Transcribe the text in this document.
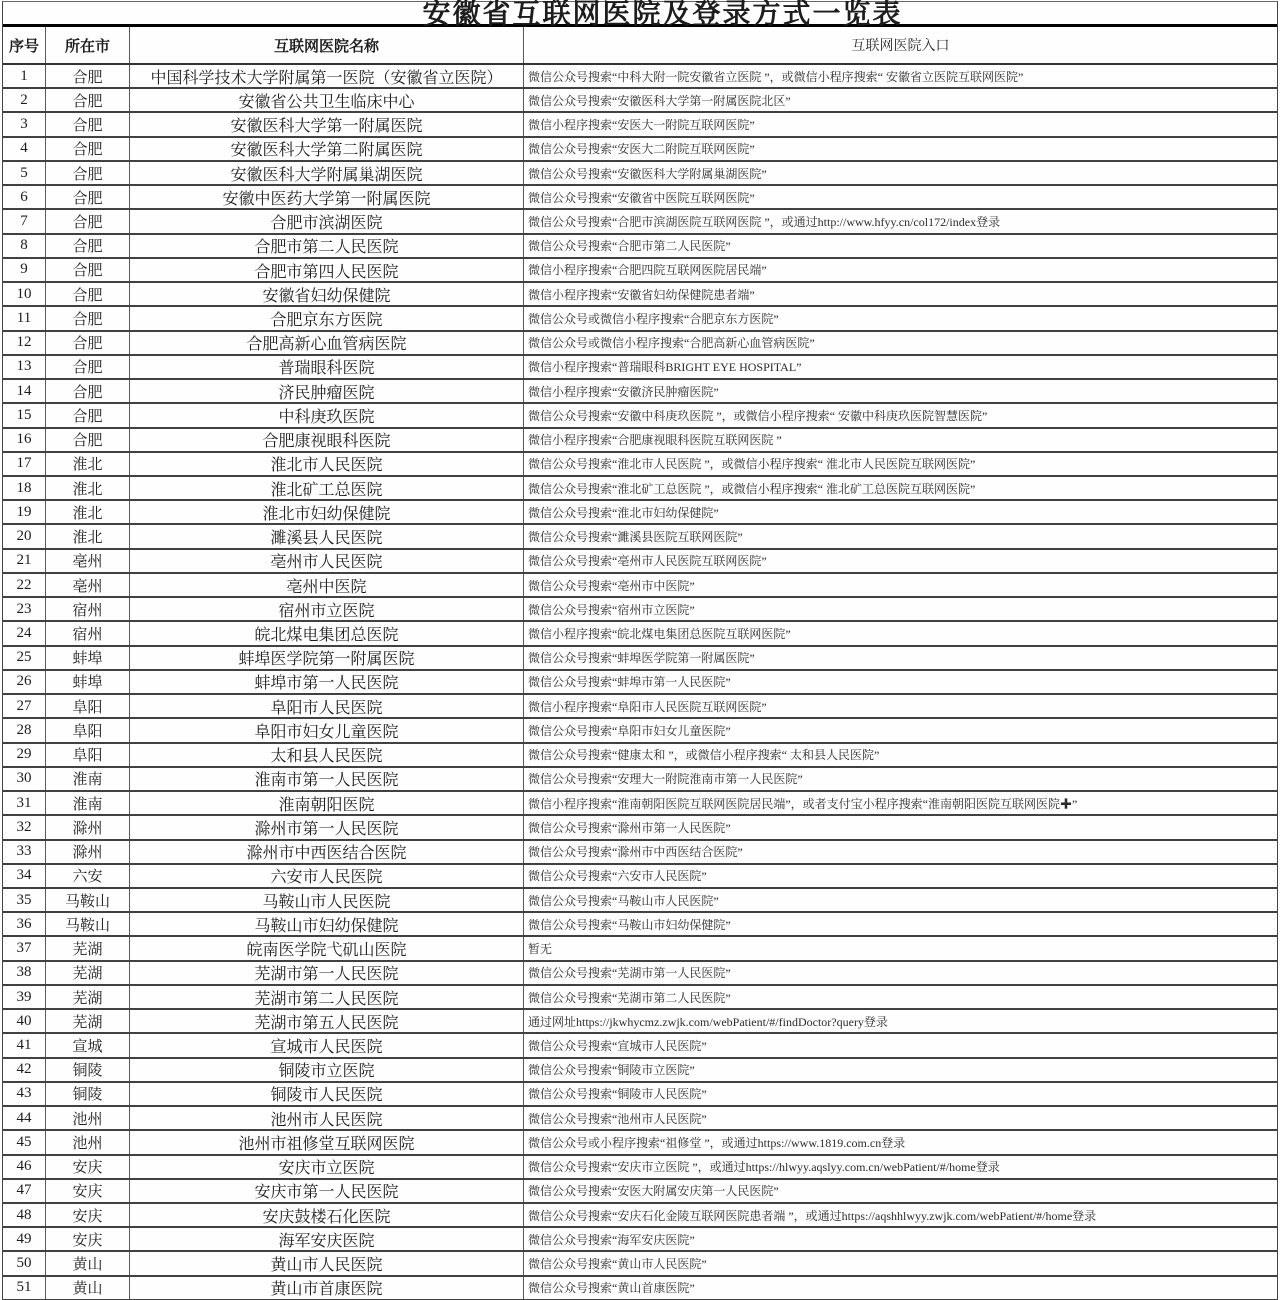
安徽省互联网医院及登录方式一览表
序号	所在市	互联网医院名称	互联网医院入口
1	合肥	中国科学技术大学附属第一医院（安徽省立医院）	微信公众号搜索“中科大附一院安徽省立医院 ”，或微信小程序搜索“ 安徽省立医院互联网医院”
2	合肥	安徽省公共卫生临床中心	微信公众号搜索“安徽医科大学第一附属医院北区”
3	合肥	安徽医科大学第一附属医院	微信小程序搜索“安医大一附院互联网医院”
4	合肥	安徽医科大学第二附属医院	微信公众号搜索“安医大二附院互联网医院”
5	合肥	安徽医科大学附属巢湖医院	微信公众号搜索“安徽医科大学附属巢湖医院”
6	合肥	安徽中医药大学第一附属医院	微信公众号搜索“安徽省中医院互联网医院”
7	合肥	合肥市滨湖医院	微信公众号搜索“合肥市滨湖医院互联网医院 ”，或通过http://www.hfyy.cn/col172/index登录
8	合肥	合肥市第二人民医院	微信公众号搜索“合肥市第二人民医院”
9	合肥	合肥市第四人民医院	微信小程序搜索“合肥四院互联网医院居民端”
10	合肥	安徽省妇幼保健院	微信小程序搜索“安徽省妇幼保健院患者端”
11	合肥	合肥京东方医院	微信公众号或微信小程序搜索“合肥京东方医院”
12	合肥	合肥高新心血管病医院	微信公众号或微信小程序搜索“合肥高新心血管病医院”
13	合肥	普瑞眼科医院	微信小程序搜索“普瑞眼科BRIGHT EYE HOSPITAL”
14	合肥	济民肿瘤医院	微信小程序搜索“安徽济民肿瘤医院”
15	合肥	中科庚玖医院	微信公众号搜索“安徽中科庚玖医院 ”，或微信小程序搜索“ 安徽中科庚玖医院智慧医院”
16	合肥	合肥康视眼科医院	微信小程序搜索“合肥康视眼科医院互联网医院 ”
17	淮北	淮北市人民医院	微信公众号搜索“淮北市人民医院 ”，或微信小程序搜索“ 淮北市人民医院互联网医院”
18	淮北	淮北矿工总医院	微信公众号搜索“淮北矿工总医院 ”，或微信小程序搜索“ 淮北矿工总医院互联网医院”
19	淮北	淮北市妇幼保健院	微信公众号搜索“淮北市妇幼保健院”
20	淮北	濉溪县人民医院	微信公众号搜索“濉溪县医院互联网医院”
21	亳州	亳州市人民医院	微信公众号搜索“亳州市人民医院互联网医院”
22	亳州	亳州中医院	微信公众号搜索“亳州市中医院”
23	宿州	宿州市立医院	微信公众号搜索“宿州市立医院”
24	宿州	皖北煤电集团总医院	微信小程序搜索“皖北煤电集团总医院互联网医院”
25	蚌埠	蚌埠医学院第一附属医院	微信公众号搜索“蚌埠医学院第一附属医院”
26	蚌埠	蚌埠市第一人民医院	微信公众号搜索“蚌埠市第一人民医院”
27	阜阳	阜阳市人民医院	微信小程序搜索“阜阳市人民医院互联网医院”
28	阜阳	阜阳市妇女儿童医院	微信公众号搜索“阜阳市妇女儿童医院”
29	阜阳	太和县人民医院	微信公众号搜索“健康太和 ”，或微信小程序搜索“ 太和县人民医院”
30	淮南	淮南市第一人民医院	微信公众号搜索“安理大一附院淮南市第一人民医院”
31	淮南	淮南朝阳医院	微信小程序搜索“淮南朝阳医院互联网医院居民端”，或者支付宝小程序搜索“淮南朝阳医院互联网医院✚”
32	滁州	滁州市第一人民医院	微信公众号搜索“滁州市第一人民医院”
33	滁州	滁州市中西医结合医院	微信公众号搜索“滁州市中西医结合医院”
34	六安	六安市人民医院	微信公众号搜索“六安市人民医院”
35	马鞍山	马鞍山市人民医院	微信公众号搜索“马鞍山市人民医院”
36	马鞍山	马鞍山市妇幼保健院	微信公众号搜索“马鞍山市妇幼保健院”
37	芜湖	皖南医学院弋矶山医院	暂无
38	芜湖	芜湖市第一人民医院	微信公众号搜索“芜湖市第一人民医院”
39	芜湖	芜湖市第二人民医院	微信公众号搜索“芜湖市第二人民医院”
40	芜湖	芜湖市第五人民医院	通过网址https://jkwhycmz.zwjk.com/webPatient/#/findDoctor?query登录
41	宣城	宣城市人民医院	微信公众号搜索“宣城市人民医院”
42	铜陵	铜陵市立医院	微信公众号搜索“铜陵市立医院”
43	铜陵	铜陵市人民医院	微信公众号搜索“铜陵市人民医院”
44	池州	池州市人民医院	微信公众号搜索“池州市人民医院”
45	池州	池州市祖修堂互联网医院	微信公众号或小程序搜索“祖修堂 ”，或通过https://www.1819.com.cn登录
46	安庆	安庆市立医院	微信公众号搜索“安庆市立医院 ”，或通过https://hlwyy.aqslyy.com.cn/webPatient/#/home登录
47	安庆	安庆市第一人民医院	微信公众号搜索“安医大附属安庆第一人民医院”
48	安庆	安庆鼓楼石化医院	微信公众号搜索“安庆石化金陵互联网医院患者端 ”，或通过https://aqshhlwyy.zwjk.com/webPatient/#/home登录
49	安庆	海军安庆医院	微信公众号搜索“海军安庆医院”
50	黄山	黄山市人民医院	微信公众号搜索“黄山市人民医院”
51	黄山	黄山市首康医院	微信公众号搜索“黄山首康医院”
